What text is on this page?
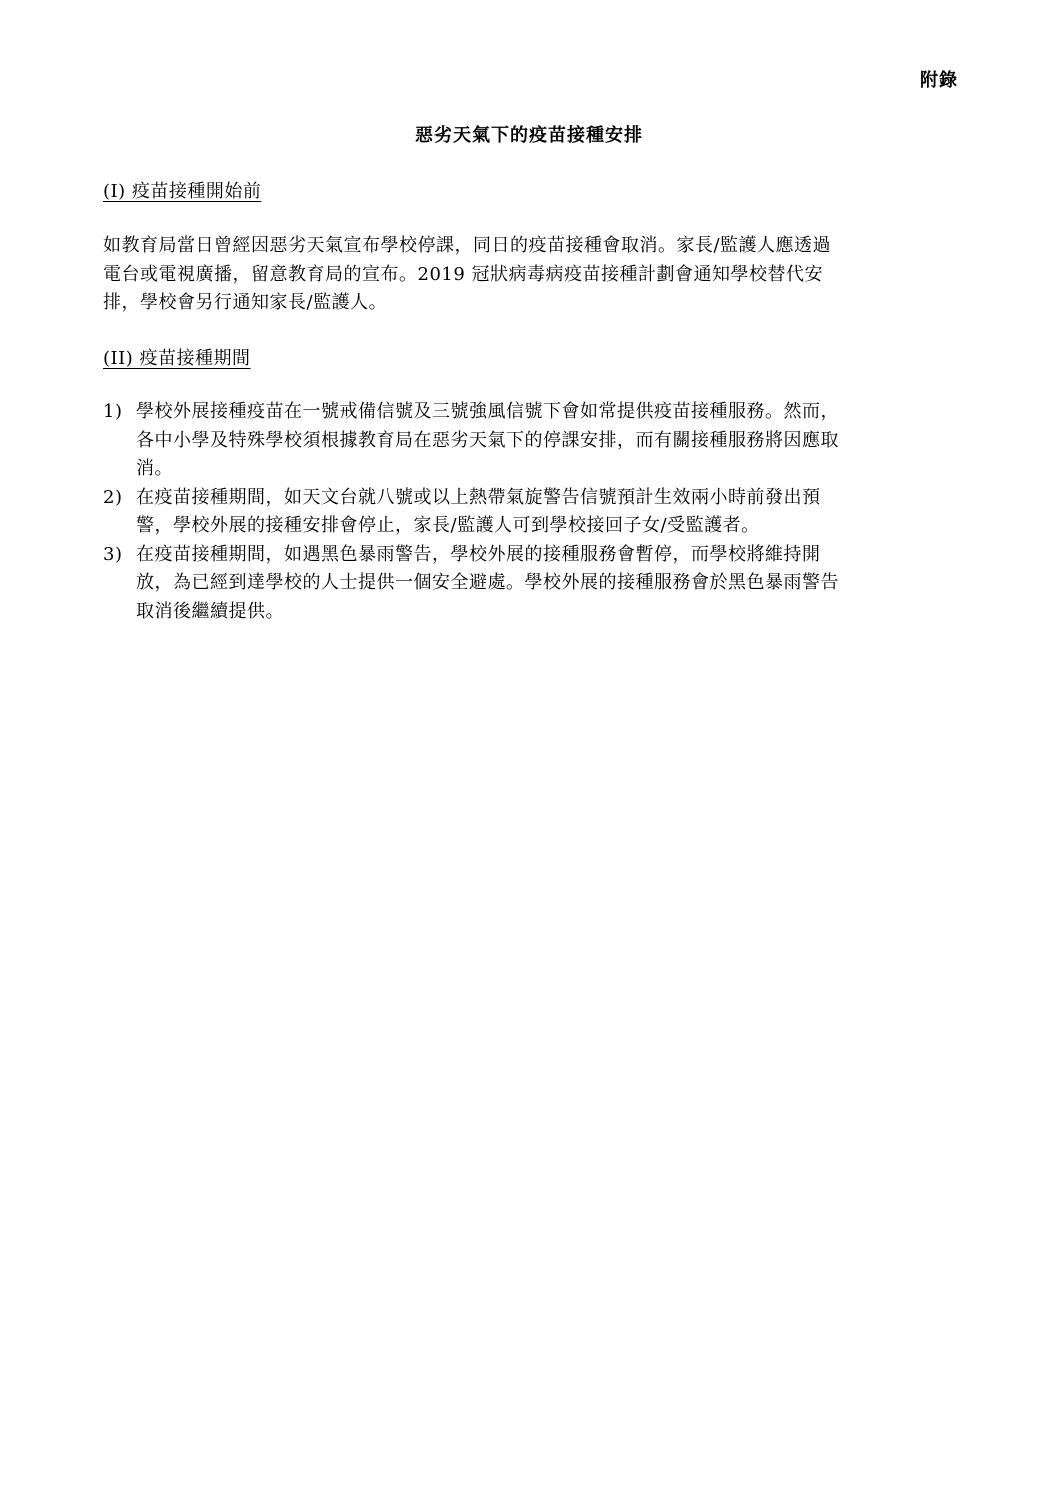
附錄
惡劣天氣下的疫苗接種安排
(I) 疫苗接種開始前
如教育局當日曾經因惡劣天氣宣布學校停課，同日的疫苗接種會取消。家長/監護人應透過
電台或電視廣播，留意教育局的宣布。2019 冠狀病毒病疫苗接種計劃會通知學校替代安
排，學校會另行通知家長/監護人。
(II) 疫苗接種期間
1) 學校外展接種疫苗在一號戒備信號及三號強風信號下會如常提供疫苗接種服務。然而，
各中小學及特殊學校須根據教育局在惡劣天氣下的停課安排，而有關接種服務將因應取
消。
2) 在疫苗接種期間，如天文台就八號或以上熱帶氣旋警告信號預計生效兩小時前發出預
警，學校外展的接種安排會停止，家長/監護人可到學校接回子女/受監護者。
3) 在疫苗接種期間，如遇黑色暴雨警告，學校外展的接種服務會暫停，而學校將維持開
放，為已經到達學校的人士提供一個安全避處。學校外展的接種服務會於黑色暴雨警告
取消後繼續提供。
